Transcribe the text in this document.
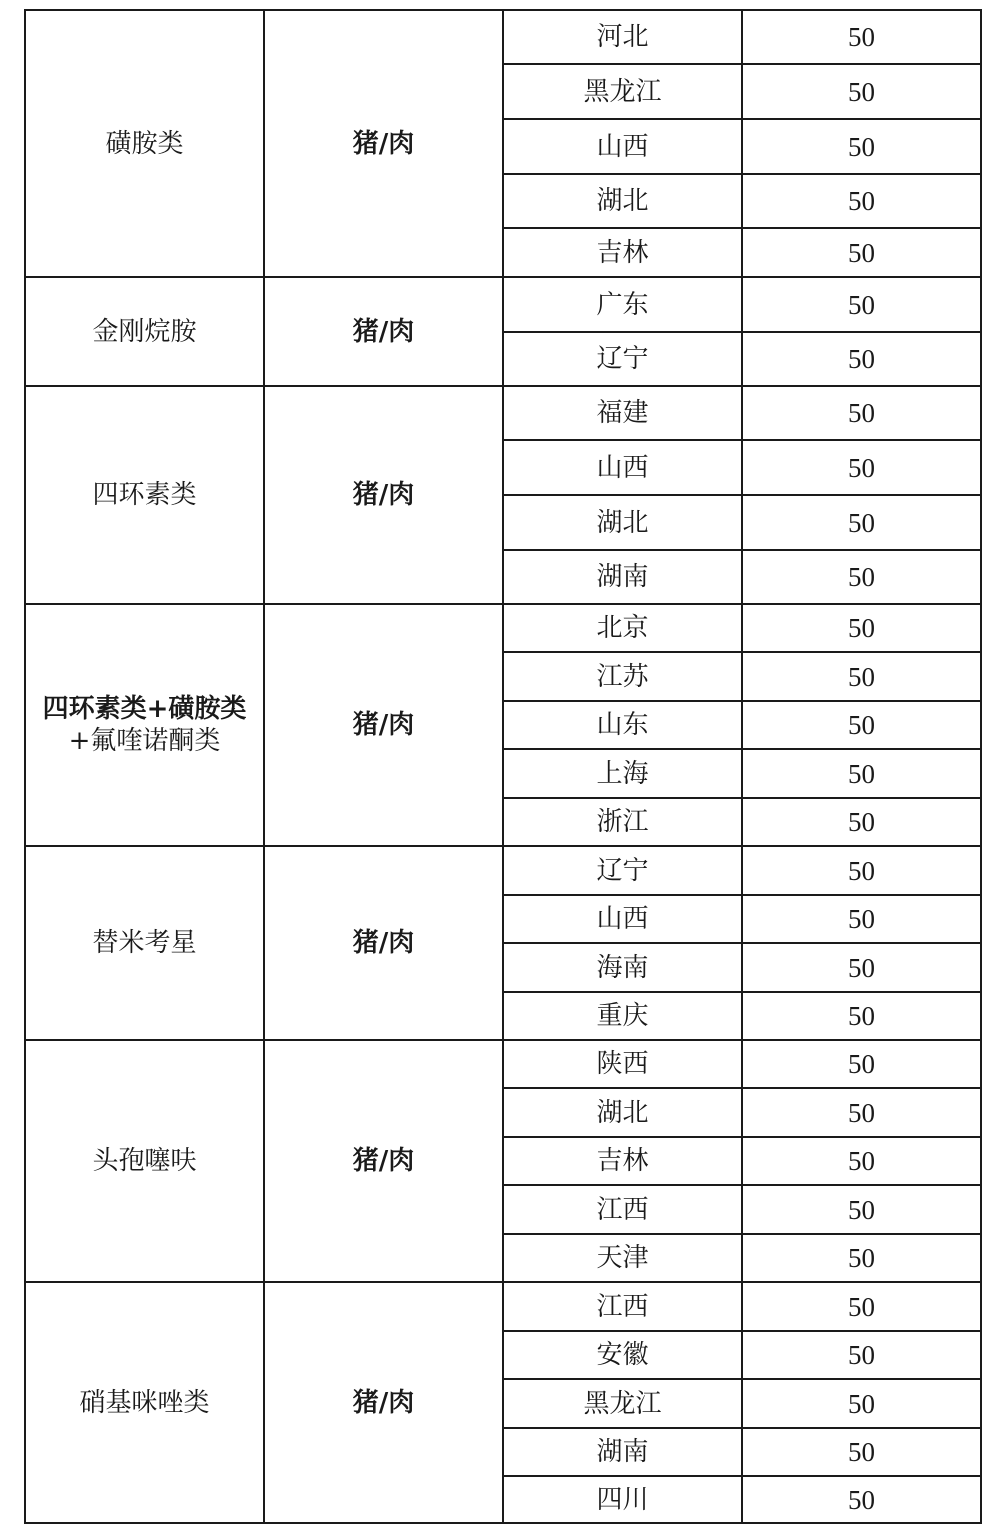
磺胺类	猪/肉	河北	50
		黑龙江	50
		山西	50
		湖北	50
		吉林	50
金刚烷胺	猪/肉	广东	50
		辽宁	50
四环素类	猪/肉	福建	50
		山西	50
		湖北	50
		湖南	50

四环素类+磺胺类
+氟喹诺酮类	猪/肉	北京	50
		江苏	50
		山东	50
		上海	50
		浙江	50
替米考星	猪/肉	辽宁	50
		山西	50
		海南	50
		重庆	50
头孢噻呋	猪/肉	陕西	50
		湖北	50
		吉林	50
		江西	50
		天津	50
硝基咪唑类	猪/肉	江西	50
		安徽	50
		黑龙江	50
		湖南	50
		四川	50
